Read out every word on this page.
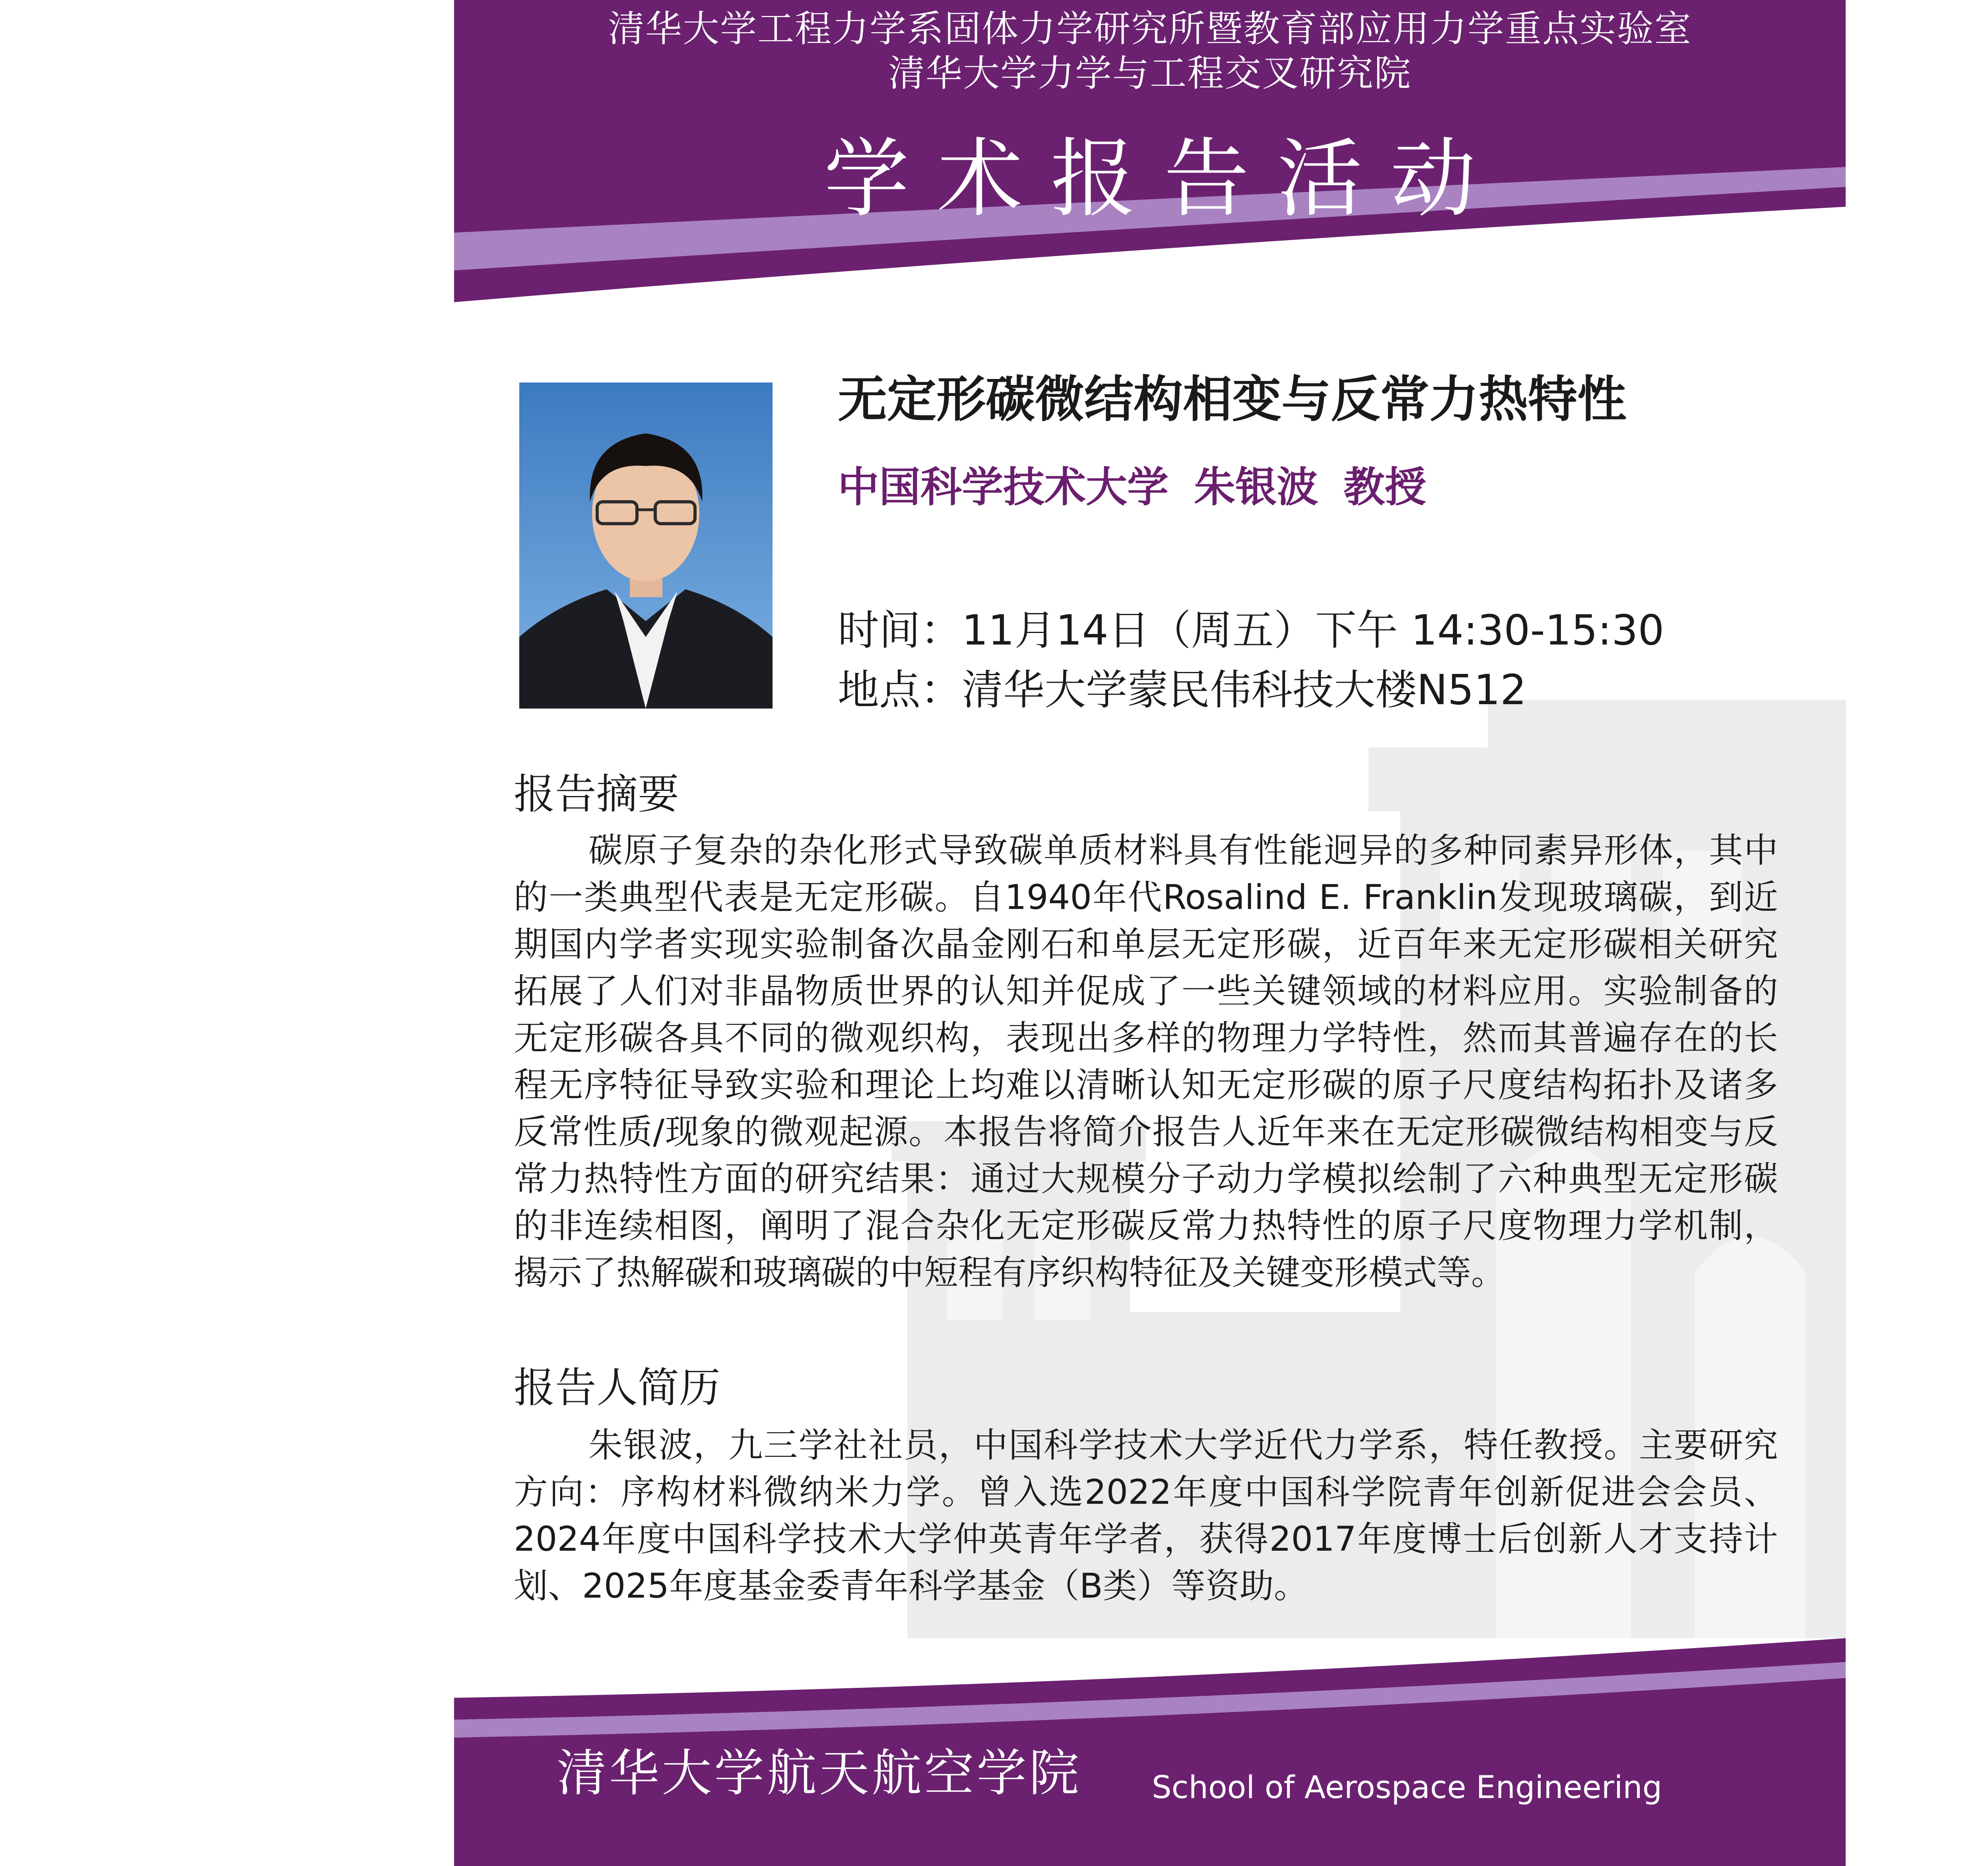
清华大学工程力学系固体力学研究所暨教育部应用力学重点实验室
清华大学力学与工程交叉研究院
学术报告活动
无定形碳微结构相变与反常力热特性
中国科学技术大学 朱银波 教授
时间：11月14日（周五）下午 14:30-15:30
地点：清华大学蒙民伟科技大楼N512
报告摘要
碳原子复杂的杂化形式导致碳单质材料具有性能迥异的多种同素异形体，其中的一类典型代表是无定形碳。自1940年代Rosalind E. Franklin发现玻璃碳，到近期国内学者实现实验制备次晶金刚石和单层无定形碳，近百年来无定形碳相关研究拓展了人们对非晶物质世界的认知并促成了一些关键领域的材料应用。实验制备的无定形碳各具不同的微观织构，表现出多样的物理力学特性，然而其普遍存在的长程无序特征导致实验和理论上均难以清晰认知无定形碳的原子尺度结构拓扑及诸多反常性质/现象的微观起源。本报告将简介报告人近年来在无定形碳微结构相变与反常力热特性方面的研究结果：通过大规模分子动力学模拟绘制了六种典型无定形碳的非连续相图，阐明了混合杂化无定形碳反常力热特性的原子尺度物理力学机制，揭示了热解碳和玻璃碳的中短程有序织构特征及关键变形模式等。
报告人简历
朱银波，九三学社社员，中国科学技术大学近代力学系，特任教授。主要研究方向：序构材料微纳米力学。曾入选2022年度中国科学院青年创新促进会会员、2024年度中国科学技术大学仲英青年学者，获得2017年度博士后创新人才支持计划、2025年度基金委青年科学基金（B类）等资助。
清华大学航天航空学院 School of Aerospace Engineering
